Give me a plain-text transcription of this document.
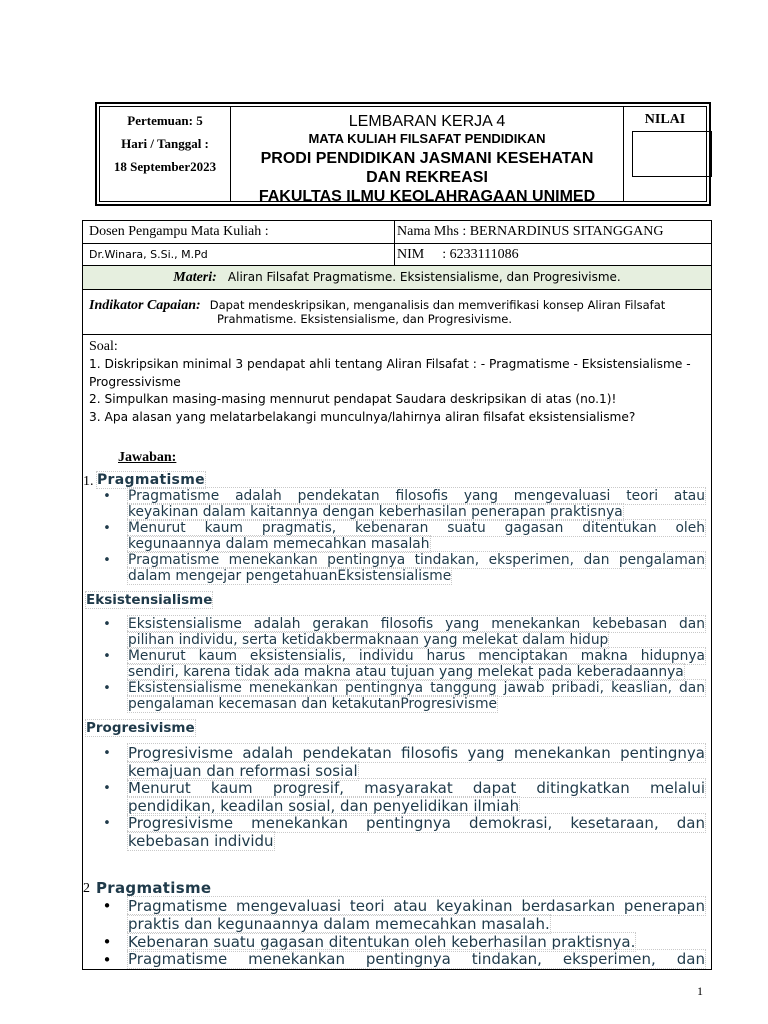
Pertemuan: 5
Hari / Tanggal :
18 September2023
LEMBARAN KERJA 4
MATA KULIAH FILSAFAT PENDIDIKAN
PRODI PENDIDIKAN JASMANI KESEHATAN
DAN REKREASI
FAKULTAS ILMU KEOLAHRAGAAN UNIMED
NILAI
Dosen Pengampu Mata Kuliah :	Nama Mhs : BERNARDINUS SITANGGANG
Dr.Winara, S.Si., M.Pd	NIM : 6233111086
Materi: Aliran Filsafat Pragmatisme. Eksistensialisme, dan Progresivisme.
Indikator Capaian: Dapat mendeskripsikan, menganalisis dan memverifikasi konsep Aliran Filsafat
Prahmatisme. Eksistensialisme, dan Progresivisme.
Soal:
1. Diskripsikan minimal 3 pendapat ahli tentang Aliran Filsafat : - Pragmatisme - Eksistensialisme -
Progressivisme
2. Simpulkan masing-masing mennurut pendapat Saudara deskripsikan di atas (no.1)!
3. Apa alasan yang melatarbelakangi munculnya/lahirnya aliran filsafat eksistensialisme?
Jawaban:
1. Pragmatisme
• Pragmatisme adalah pendekatan filosofis yang mengevaluasi teori atau
keyakinan dalam kaitannya dengan keberhasilan penerapan praktisnya
• Menurut kaum pragmatis, kebenaran suatu gagasan ditentukan oleh
kegunaannya dalam memecahkan masalah
• Pragmatisme menekankan pentingnya tindakan, eksperimen, dan pengalaman
dalam mengejar pengetahuanEksistensialisme
Eksistensialisme
• Eksistensialisme adalah gerakan filosofis yang menekankan kebebasan dan
pilihan individu, serta ketidakbermaknaan yang melekat dalam hidup
• Menurut kaum eksistensialis, individu harus menciptakan makna hidupnya
sendiri, karena tidak ada makna atau tujuan yang melekat pada keberadaannya
• Eksistensialisme menekankan pentingnya tanggung jawab pribadi, keaslian, dan
pengalaman kecemasan dan ketakutanProgresivisme
Progresivisme
• Progresivisme adalah pendekatan filosofis yang menekankan pentingnya
kemajuan dan reformasi sosial
• Menurut kaum progresif, masyarakat dapat ditingkatkan melalui
pendidikan, keadilan sosial, dan penyelidikan ilmiah
• Progresivisme menekankan pentingnya demokrasi, kesetaraan, dan
kebebasan individu
2 Pragmatisme
• Pragmatisme mengevaluasi teori atau keyakinan berdasarkan penerapan
praktis dan kegunaannya dalam memecahkan masalah.
• Kebenaran suatu gagasan ditentukan oleh keberhasilan praktisnya.
• Pragmatisme menekankan pentingnya tindakan, eksperimen, dan
1
